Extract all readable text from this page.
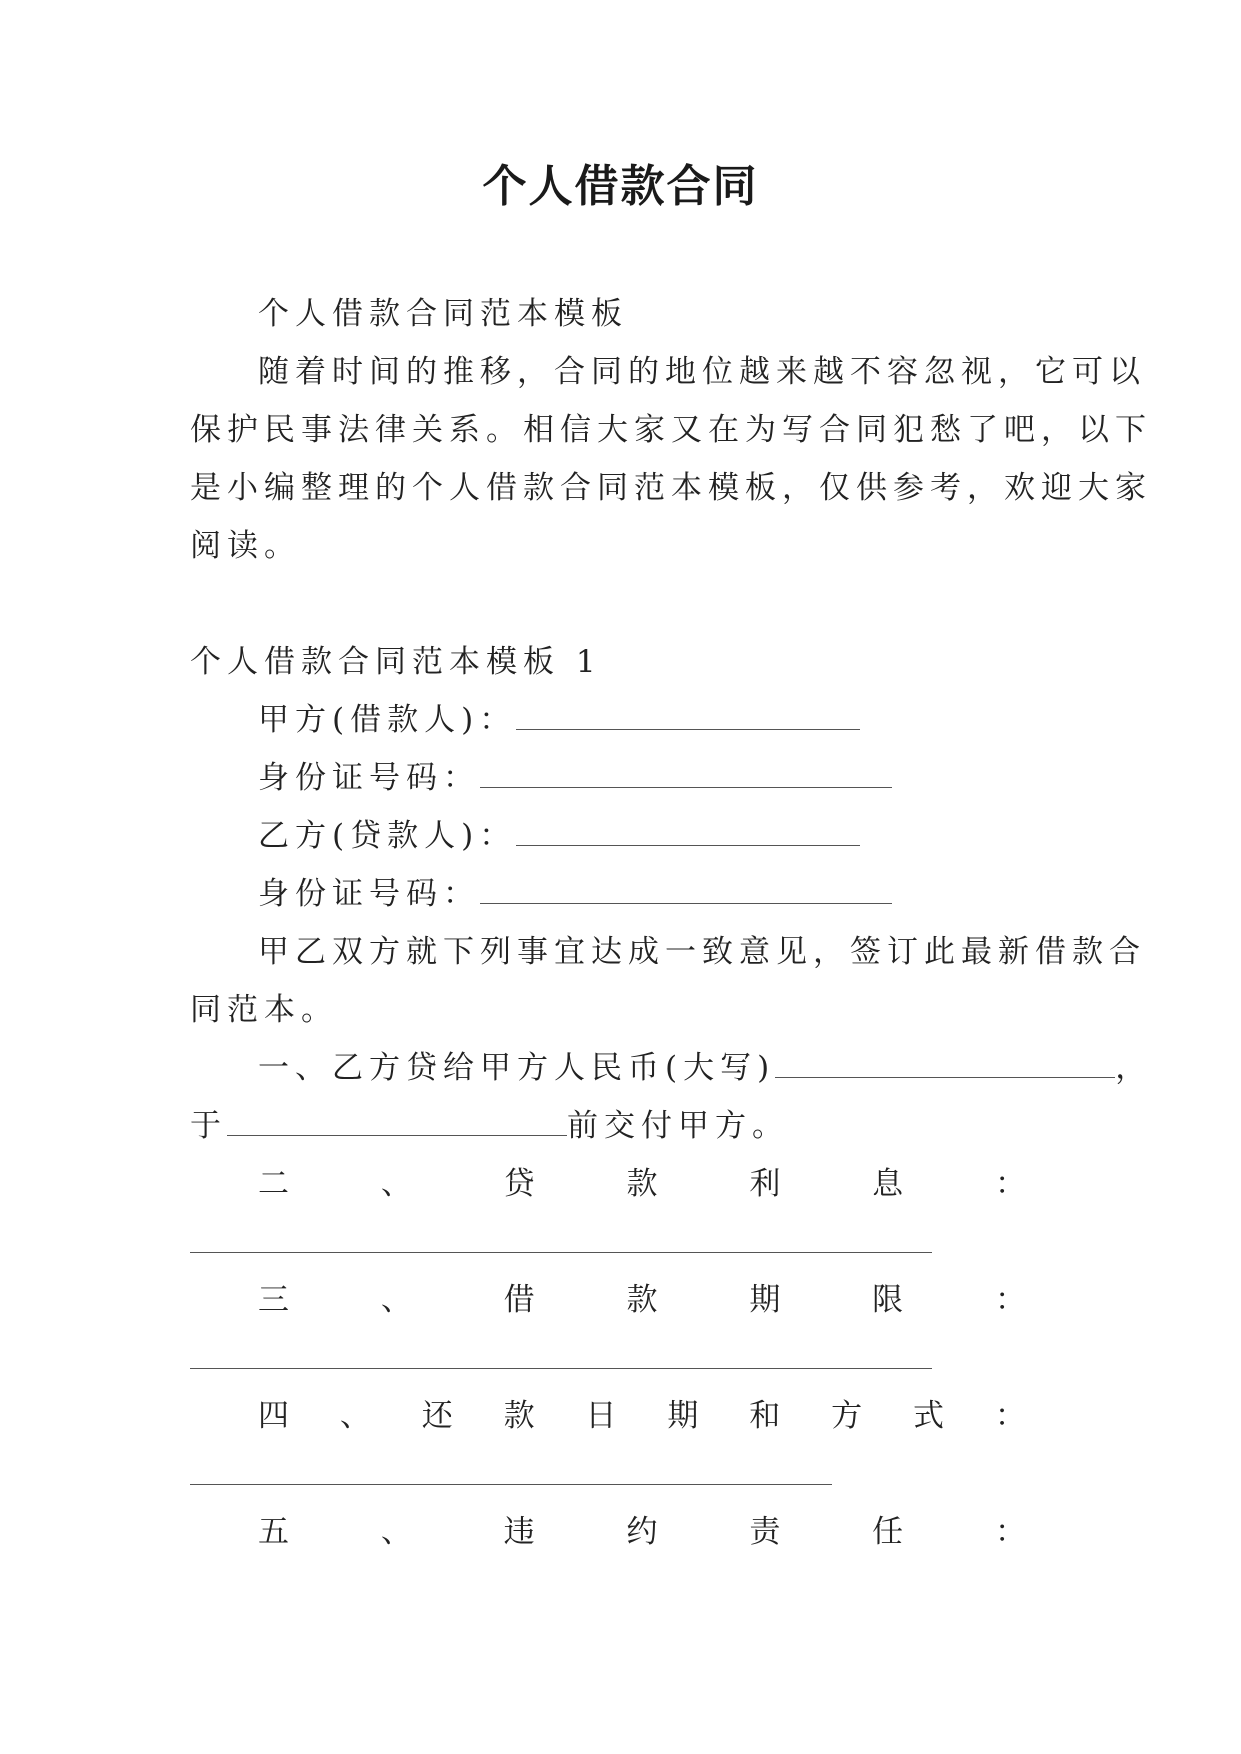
个人借款合同
个人借款合同范本模板
随着时间的推移，合同的地位越来越不容忽视，它可以
保护民事法律关系。相信大家又在为写合同犯愁了吧，以下
是小编整理的个人借款合同范本模板，仅供参考，欢迎大家
阅读。
个人借款合同范本模板 1
甲方(借款人)：
身份证号码：
乙方(贷款人)：
身份证号码：
甲乙双方就下列事宜达成一致意见，签订此最新借款合
同范本。
一、乙方贷给甲方人民币(大写)	，
于	前交付甲方。
二	、	贷	款	利	息	：
三	、	借	款	期	限	：
四 、 还 款 日 期 和 方 式 ：
五	、	违	约	责	任	：
